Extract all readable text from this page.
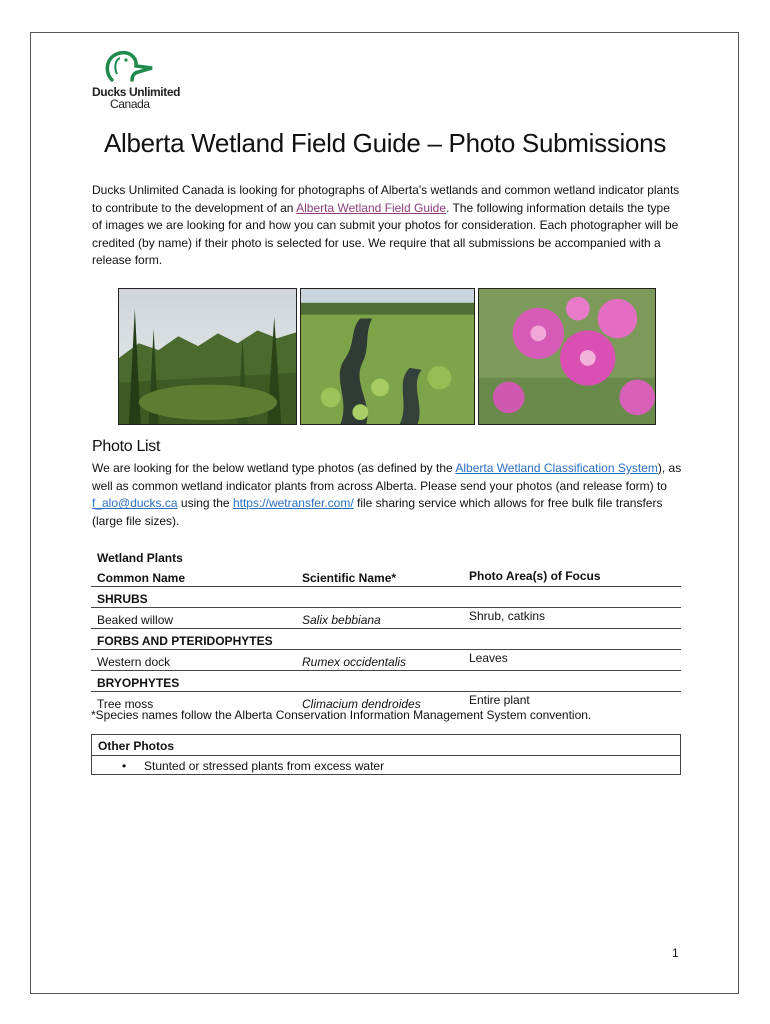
Ducks Unlimited
Canada
Alberta Wetland Field Guide – Photo Submissions
Ducks Unlimited Canada is looking for photographs of Alberta's wetlands and common wetland indicator plants to contribute to the development of an Alberta Wetland Field Guide. The following information details the type of images we are looking for and how you can submit your photos for consideration. Each photographer will be credited (by name) if their photo is selected for use. We require that all submissions be accompanied with a release form.
Photo List
We are looking for the below wetland type photos (as defined by the Alberta Wetland Classification System), as well as common wetland indicator plants from across Alberta. Please send your photos (and release form) to f_alo@ducks.ca using the https://wetransfer.com/ file sharing service which allows for free bulk file transfers (large file sizes).
Wetland Plants		
Common Name	Scientific Name*	Photo Area(s) of Focus
SHRUBS		
Beaked willow	Salix bebbiana	Shrub, catkins
FORBS AND PTERIDOPHYTES		
Western dock	Rumex occidentalis	Leaves
BRYOPHYTES		
Tree moss	Climacium dendroides	Entire plant
*Species names follow the Alberta Conservation Information Management System convention.
Other Photos
• Stunted or stressed plants from excess water
1
